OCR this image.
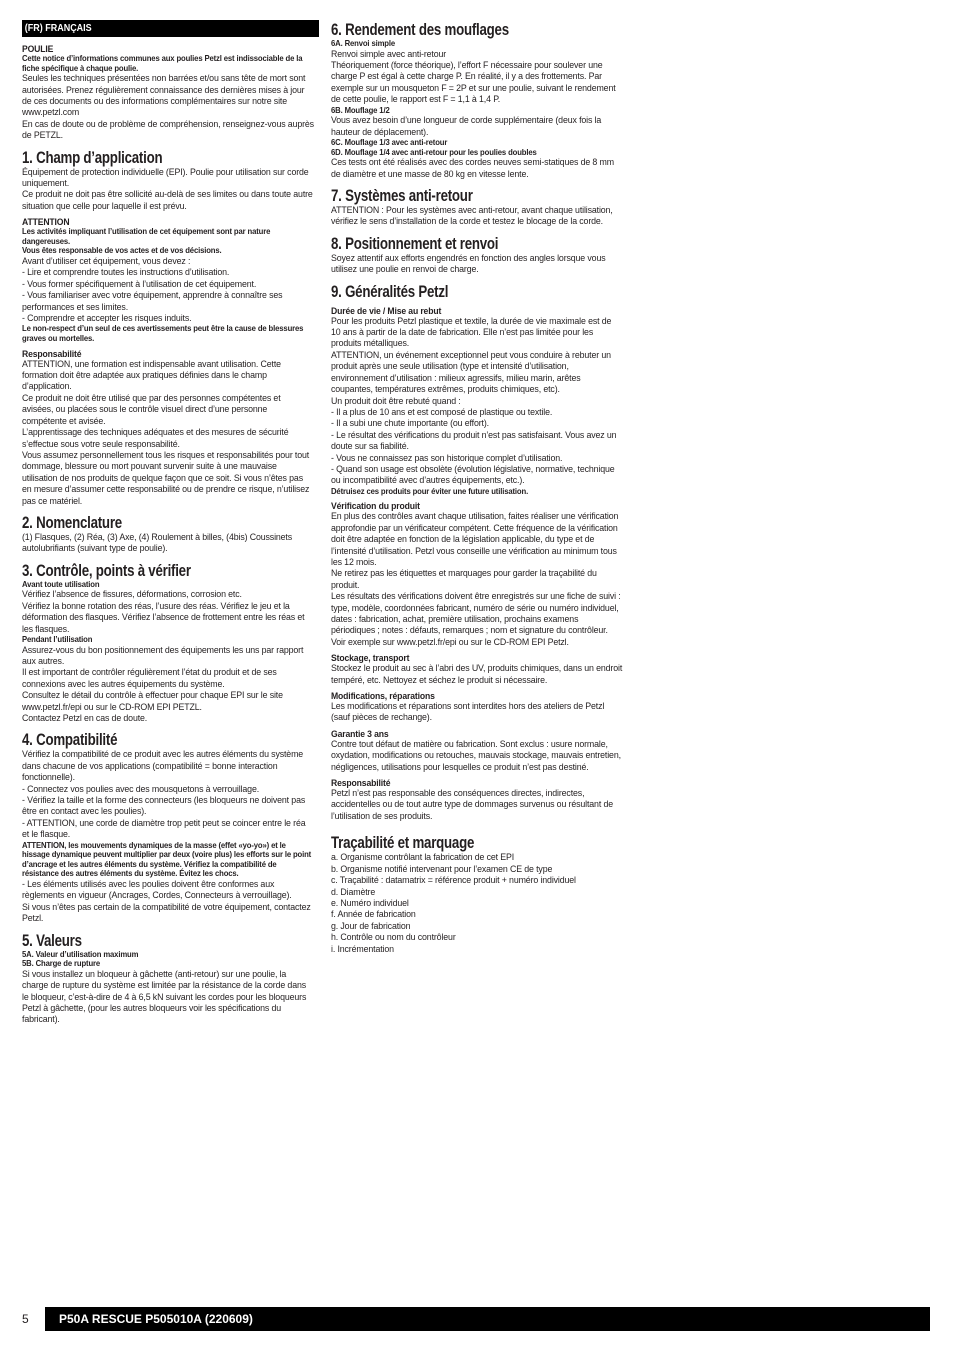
(FR) FRANÇAIS
POULIE

Cette notice d’informations communes aux poulies Petzl est indissociable de la fiche spécifique à chaque poulie.

Seules les techniques présentées non barrées et/ou sans tête de mort sont autorisées. Prenez régulièrement connaissance des dernières mises à jour de ces documents ou des informations complémentaires sur notre site www.petzl.com

En cas de doute ou de problème de compréhension, renseignez-vous auprès de PETZL.

1. Champ d’application

Équipement de protection individuelle (EPI). Poulie pour utilisation sur corde uniquement.

Ce produit ne doit pas être sollicité au-delà de ses limites ou dans toute autre situation que celle pour laquelle il est prévu.

ATTENTION

Les activités impliquant l’utilisation de cet équipement sont par nature dangereuses.

Vous êtes responsable de vos actes et de vos décisions.

Avant d’utiliser cet équipement, vous devez :

- Lire et comprendre toutes les instructions d’utilisation.

- Vous former spécifiquement à l’utilisation de cet équipement.

- Vous familiariser avec votre équipement, apprendre à connaître ses performances et ses limites.

- Comprendre et accepter les risques induits.

Le non-respect d’un seul de ces avertissements peut être la cause de blessures graves ou mortelles.

Responsabilité

ATTENTION, une formation est indispensable avant utilisation. Cette formation doit être adaptée aux pratiques définies dans le champ d’application.

Ce produit ne doit être utilisé que par des personnes compétentes et avisées, ou placées sous le contrôle visuel direct d’une personne compétente et avisée.

L’apprentissage des techniques adéquates et des mesures de sécurité s’effectue sous votre seule responsabilité.

Vous assumez personnellement tous les risques et responsabilités pour tout dommage, blessure ou mort pouvant survenir suite à une mauvaise utilisation de nos produits de quelque façon que ce soit. Si vous n’êtes pas en mesure d’assumer cette responsabilité ou de prendre ce risque, n’utilisez pas ce matériel.

2. Nomenclature

(1) Flasques, (2) Réa, (3) Axe, (4) Roulement à billes, (4bis) Coussinets autolubrifiants (suivant type de poulie).

3. Contrôle, points à vérifier

Avant toute utilisation

Vérifiez l’absence de fissures, déformations, corrosion etc.

Vérifiez la bonne rotation des réas, l’usure des réas. Vérifiez le jeu et la déformation des flasques. Vérifiez l’absence de frottement entre les réas et les flasques.

Pendant l’utilisation

Assurez-vous du bon positionnement des équipements les uns par rapport aux autres.

Il est important de contrôler régulièrement l’état du produit et de ses connexions avec les autres équipements du système.

Consultez le détail du contrôle à effectuer pour chaque EPI sur le site www.petzl.fr/epi ou sur le CD-ROM EPI PETZL.

Contactez Petzl en cas de doute.

4. Compatibilité

Vérifiez la compatibilité de ce produit avec les autres éléments du système dans chacune de vos applications (compatibilité = bonne interaction fonctionnelle).

- Connectez vos poulies avec des mousquetons à verrouillage.

- Vérifiez la taille et la forme des connecteurs (les bloqueurs ne doivent pas être en contact avec les poulies).

- ATTENTION, une corde de diamètre trop petit peut se coincer entre le réa et le flasque.

ATTENTION, les mouvements dynamiques de la masse (effet «yo-yo») et le hissage dynamique peuvent multiplier par deux (voire plus) les efforts sur le point d’ancrage et les autres éléments du système. Vérifiez la compatibilité de résistance des autres éléments du système. Évitez les chocs.

- Les éléments utilisés avec les poulies doivent être conformes aux règlements en vigueur (Ancrages, Cordes, Connecteurs à verrouillage).

Si vous n’êtes pas certain de la compatibilité de votre équipement, contactez Petzl.

5. Valeurs

5A. Valeur d’utilisation maximum

5B. Charge de rupture

Si vous installez un bloqueur à gâchette (anti-retour) sur une poulie, la charge de rupture du système est limitée par la résistance de la corde dans le bloqueur, c’est-à-dire de 4 à 6,5 kN suivant les cordes pour les bloqueurs Petzl à gâchette, (pour les autres bloqueurs voir les spécifications du fabricant).

6. Rendement des mouflages

6A. Renvoi simple

Renvoi simple avec anti-retour

Théoriquement (force théorique), l’effort F nécessaire pour soulever une charge P est égal à cette charge P. En réalité, il y a des frottements. Par exemple sur un mousqueton F = 2P et sur une poulie, suivant le rendement de cette poulie, le rapport est F = 1,1 à 1,4 P.

6B. Mouflage 1/2

Vous avez besoin d’une longueur de corde supplémentaire (deux fois la hauteur de déplacement).

6C. Mouflage 1/3 avec anti-retour

6D. Mouflage 1/4 avec anti-retour pour les poulies doubles

Ces tests ont été réalisés avec des cordes neuves semi-statiques de 8 mm de diamètre et une masse de 80 kg en vitesse lente.

7. Systèmes anti-retour

ATTENTION : Pour les systèmes avec anti-retour, avant chaque utilisation, vérifiez le sens d’installation de la corde et testez le blocage de la corde.

8. Positionnement et renvoi

Soyez attentif aux efforts engendrés en fonction des angles lorsque vous utilisez une poulie en renvoi de charge.

9. Généralités Petzl
Durée de vie / Mise au rebut

Pour les produits Petzl plastique et textile, la durée de vie maximale est de 10 ans à partir de la date de fabrication. Elle n’est pas limitée pour les produits métalliques.

ATTENTION, un événement exceptionnel peut vous conduire à rebuter un produit après une seule utilisation (type et intensité d’utilisation, environnement d’utilisation : milieux agressifs, milieu marin, arêtes coupantes, températures extrêmes, produits chimiques, etc).

Un produit doit être rebuté quand :

- Il a plus de 10 ans et est composé de plastique ou textile.

- Il a subi une chute importante (ou effort).

- Le résultat des vérifications du produit n’est pas satisfaisant. Vous avez un doute sur sa fiabilité.

- Vous ne connaissez pas son historique complet d’utilisation.

- Quand son usage est obsolète (évolution législative, normative, technique ou incompatibilité avec d’autres équipements, etc.).

Détruisez ces produits pour éviter une future utilisation.

Vérification du produit

En plus des contrôles avant chaque utilisation, faites réaliser une vérification approfondie par un vérificateur compétent. Cette fréquence de la vérification doit être adaptée en fonction de la législation applicable, du type et de l’intensité d’utilisation. Petzl vous conseille une vérification au minimum tous les 12 mois.

Ne retirez pas les étiquettes et marquages pour garder la traçabilité du produit.

Les résultats des vérifications doivent être enregistrés sur une fiche de suivi : type, modèle, coordonnées fabricant, numéro de série ou numéro individuel, dates : fabrication, achat, première utilisation, prochains examens périodiques ; notes : défauts, remarques ; nom et signature du contrôleur.

Voir exemple sur www.petzl.fr/epi ou sur le CD-ROM EPI Petzl.

Stockage, transport

Stockez le produit au sec à l’abri des UV, produits chimiques, dans un endroit tempéré, etc. Nettoyez et séchez le produit si nécessaire.

Modifications, réparations

Les modifications et réparations sont interdites hors des ateliers de Petzl (sauf pièces de rechange).

Garantie 3 ans

Contre tout défaut de matière ou fabrication. Sont exclus : usure normale, oxydation, modifications ou retouches, mauvais stockage, mauvais entretien, négligences, utilisations pour lesquelles ce produit n’est pas destiné.

Responsabilité

Petzl n’est pas responsable des conséquences directes, indirectes, accidentelles ou de tout autre type de dommages survenus ou résultant de l’utilisation de ses produits.

Traçabilité et marquage

a. Organisme contrôlant la fabrication de cet EPI

b. Organisme notifié intervenant pour l’examen CE de type

c. Traçabilité : datamatrix = référence produit + numéro individuel

d. Diamètre

e. Numéro individuel

f. Année de fabrication

g. Jour de fabrication

h. Contrôle ou nom du contrôleur

i. Incrémentation

5	P50A RESCUE P505010A (220609)
